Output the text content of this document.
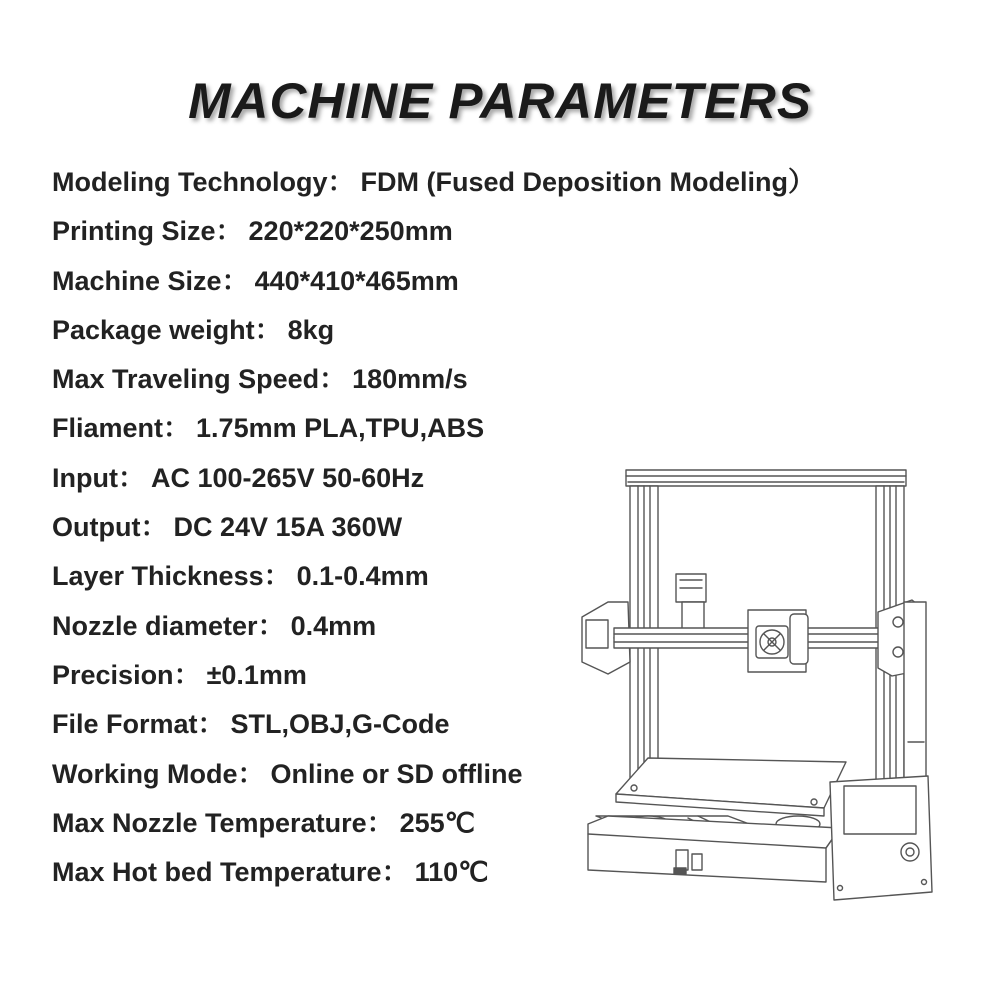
MACHINE PARAMETERS
Modeling Technology： FDM (Fused Deposition Modeling）
Printing Size： 220*220*250mm
Machine Size： 440*410*465mm
Package weight： 8kg
Max Traveling Speed： 180mm/s
Fliament： 1.75mm PLA,TPU,ABS
Input： AC 100-265V 50-60Hz
Output： DC 24V 15A 360W
Layer Thickness： 0.1-0.4mm
Nozzle diameter： 0.4mm
Precision： ±0.1mm
File Format： STL,OBJ,G-Code
Working Mode： Online or SD offline
Max Nozzle Temperature： 255℃
Max Hot bed Temperature： 110℃
